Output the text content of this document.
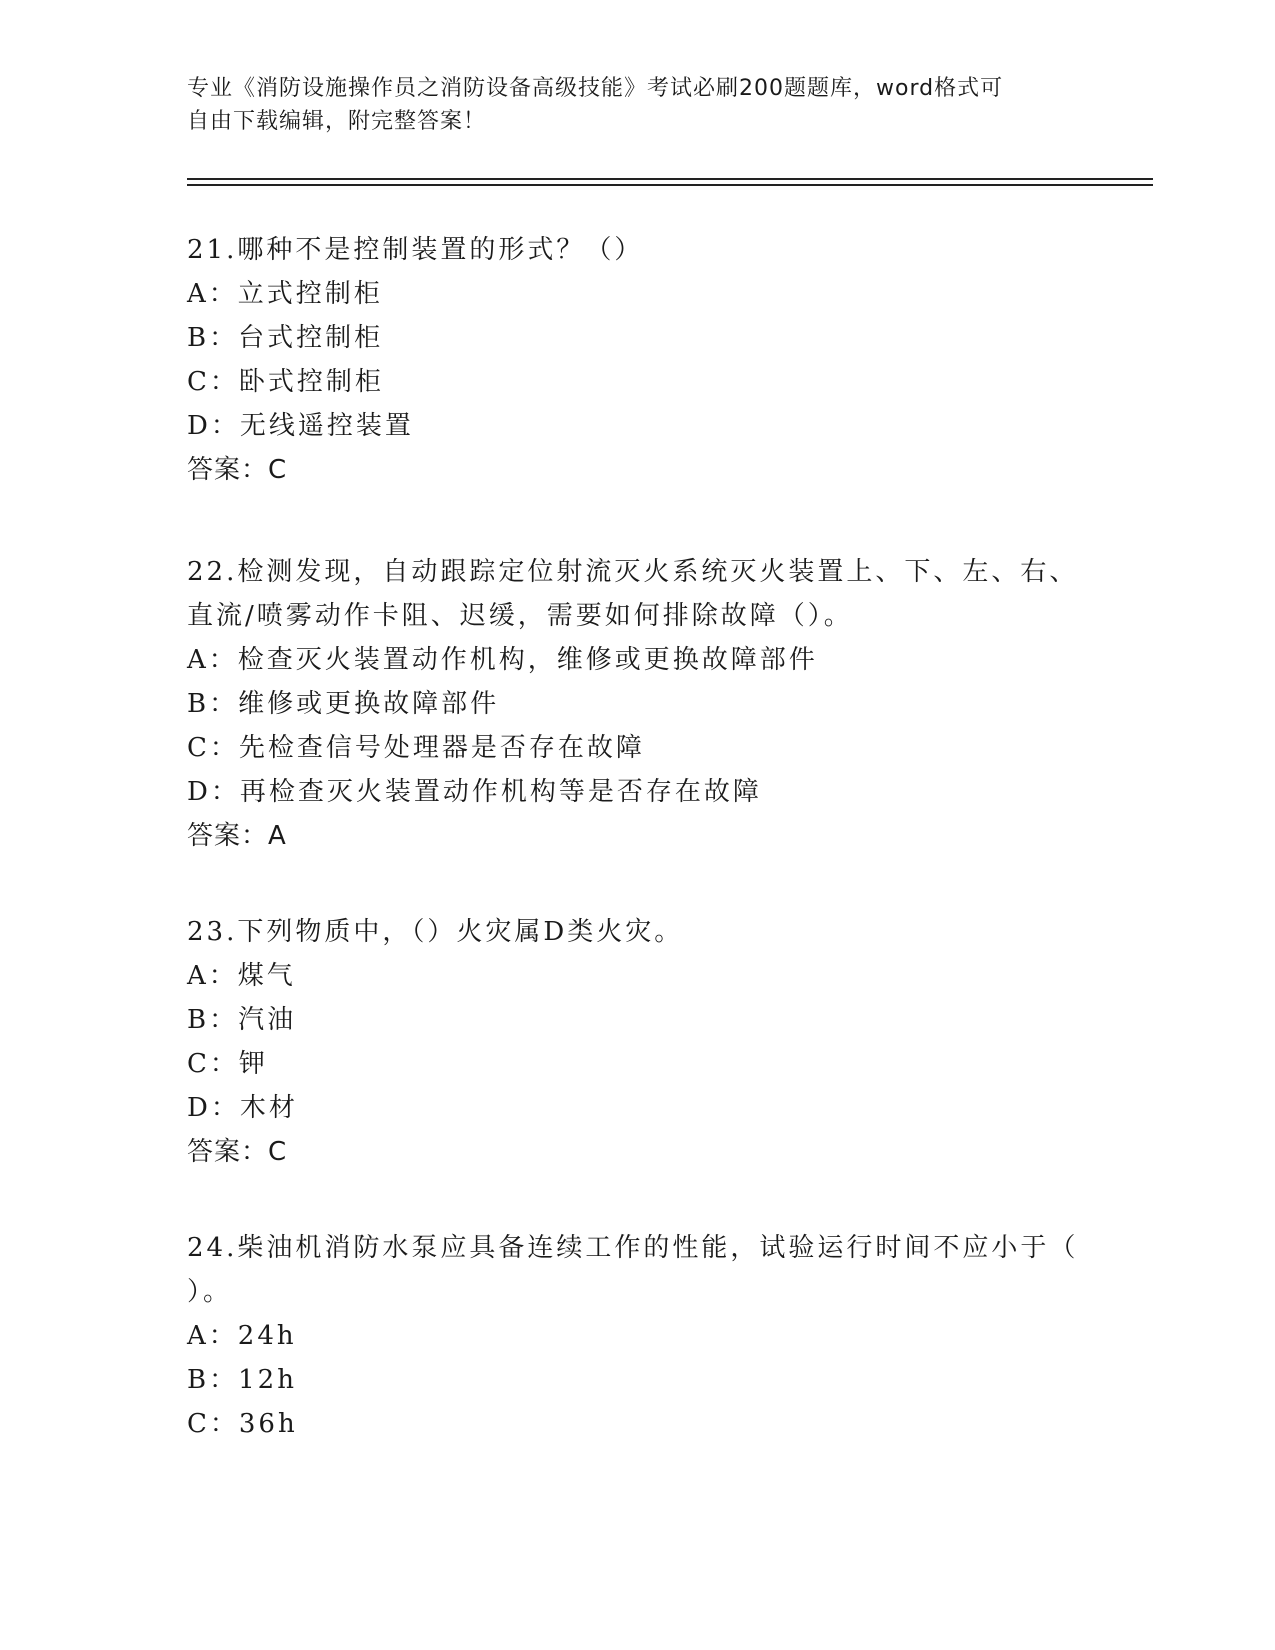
专业《消防设施操作员之消防设备高级技能》考试必刷200题题库，word格式可
自由下载编辑，附完整答案！
21.哪种不是控制装置的形式？（）
A：立式控制柜
B：台式控制柜
C：卧式控制柜
D：无线遥控装置
答案：C
22.检测发现，自动跟踪定位射流灭火系统灭火装置上、下、左、右、
直流/喷雾动作卡阻、迟缓，需要如何排除故障（）。
A：检查灭火装置动作机构，维修或更换故障部件
B：维修或更换故障部件
C：先检查信号处理器是否存在故障
D：再检查灭火装置动作机构等是否存在故障
答案：A
23.下列物质中，（）火灾属D类火灾。
A：煤气
B：汽油
C：钾
D：木材
答案：C
24.柴油机消防水泵应具备连续工作的性能，试验运行时间不应小于（
）。
A：24h
B：12h
C：36h
